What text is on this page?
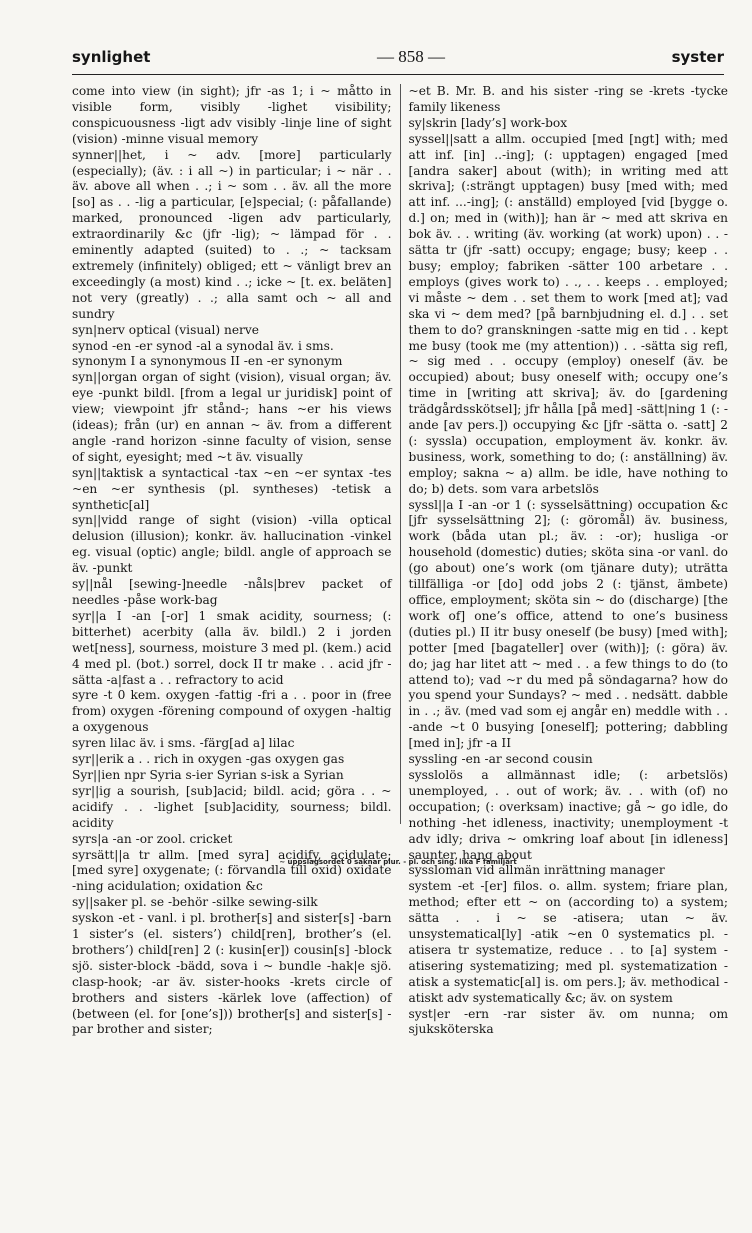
synlighet	— 858 —	syster

come into view (in sight); jfr -as 1; i ~ måtto in visible form, visibly -lighet visibility; conspicuousness -ligt adv visibly -linje line of sight (vision) -minne visual memory

synner||het, i ~ adv. [more] particularly (especially); (äv. : i all ~) in particular; i ~ när . . äv. above all when . .; i ~ som . . äv. all the more [so] as . . -lig a particular, [e]special; (: påfallande) marked, pronounced -ligen adv particularly, extraordinarily &c (jfr -lig); ~ lämpad för . . eminently adapted (suited) to . .; ~ tacksam extremely (infinitely) obliged; ett ~ vänligt brev an exceedingly (a most) kind . .; icke ~ [t. ex. beläten] not very (greatly) . .; alla samt och ~ all and sundry

syn|nerv optical (visual) nerve

synod -en -er synod -al a synodal äv. i sms.

synonym I a synonymous II -en -er synonym

syn||organ organ of sight (vision), visual organ; äv. eye -punkt bildl. [from a legal ur juridisk] point of view; viewpoint jfr stånd-; hans ~er his views (ideas); från (ur) en annan ~ äv. from a different angle -rand horizon -sinne faculty of vision, sense of sight, eyesight; med ~t äv. visually

syn||taktisk a syntactical -tax ~en ~er syntax -tes ~en ~er synthesis (pl. syntheses) -tetisk a synthetic[al]

syn||vidd range of sight (vision) -villa optical delusion (illusion); konkr. äv. hallucination -vinkel eg. visual (optic) angle; bildl. angle of approach se äv. -punkt

sy||nål [sewing-]needle -nåls|brev packet of needles -påse work-bag

syr||a I -an [-or] 1 smak acidity, sourness; (: bitterhet) acerbity (alla äv. bildl.) 2 i jorden wet[ness], sourness, moisture 3 med pl. (kem.) acid 4 med pl. (bot.) sorrel, dock II tr make . . acid jfr -sätta -a|fast a . . refractory to acid

syre -t 0 kem. oxygen -fattig -fri a . . poor in (free from) oxygen -förening compound of oxygen -haltig a oxygenous

syren lilac äv. i sms. -färg[ad a] lilac

syr||erik a . . rich in oxygen -gas oxygen gas

Syr||ien npr Syria s-ier Syrian s-isk a Syrian

syr||ig a sourish, [sub]acid; bildl. acid; göra . . ~ acidify . . -lighet [sub]acidity, sourness; bildl. acidity

syrs|a -an -or zool. cricket

syrsätt||a tr allm. [med syra] acidify, acidulate; [med syre] oxygenate; (: förvandla till oxid) oxidate -ning acidulation; oxidation &c

sy||saker pl. se -behör -silke sewing-silk

syskon -et - vanl. i pl. brother[s] and sister[s] -barn 1 sister’s (el. sisters’) child[ren], brother’s (el. brothers’) child[ren] 2 (: kusin[er]) cousin[s] -block sjö. sister-block -bädd, sova i ~ bundle -hak|e sjö. clasp-hook; -ar äv. sister-hooks -krets circle of brothers and sisters -kärlek love (affection) of (between (el. for [one’s])) brother[s] and sister[s] -par brother and sister;

~et B. Mr. B. and his sister -ring se -krets -tycke family likeness

sy|skrin [lady’s] work-box

syssel||satt a allm. occupied [med [ngt] with; med att inf. [in] ..-ing]; (: upptagen) engaged [med [andra saker] about (with); in writing med att skriva]; (:strängt upptagen) busy [med with; med att inf. ...-ing]; (: anställd) employed [vid [bygge o. d.] on; med in (with)]; han är ~ med att skriva en bok äv. . . writing (äv. working (at work) upon) . . -sätta tr (jfr -satt) occupy; engage; busy; keep . . busy; employ; fabriken -sätter 100 arbetare . . employs (gives work to) . ., . . keeps . . employed; vi måste ~ dem . . set them to work [med at]; vad ska vi ~ dem med? [på barnbjudning el. d.] . . set them to do? granskningen -satte mig en tid . . kept me busy (took me (my attention)) . . -sätta sig refl, ~ sig med . . occupy (employ) oneself (äv. be occupied) about; busy oneself with; occupy one’s time in [writing att skriva]; äv. do [gardening trädgårdsskötsel]; jfr hålla [på med] -sätt|ning 1 (: -ande [av pers.]) occupying &c [jfr -sätta o. -satt] 2 (: syssla) occupation, employment äv. konkr. äv. business, work, something to do; (: anställning) äv. employ; sakna ~ a) allm. be idle, have nothing to do; b) dets. som vara arbetslös

syssl||a I -an -or 1 (: sysselsättning) occupation &c [jfr sysselsättning 2]; (: göromål) äv. business, work (båda utan pl.; äv. : -or); husliga -or household (domestic) duties; sköta sina -or vanl. do (go about) one’s work (om tjänare duty); uträtta tillfälliga -or [do] odd jobs 2 (: tjänst, ämbete) office, employment; sköta sin ~ do (discharge) [the work of] one’s office, attend to one’s business (duties pl.) II itr busy oneself (be busy) [med with]; potter [med [bagateller] over (with)]; (: göra) äv. do; jag har litet att ~ med . . a few things to do (to attend to); vad ~r du med på söndagarna? how do you spend your Sundays? ~ med . . nedsätt. dabble in . .; äv. (med vad som ej angår en) meddle with . . -ande ~t 0 busying [oneself]; pottering; dabbling [med in]; jfr -a II

syssling -en -ar second cousin

sysslolös a allmännast idle; (: arbetslös) unemployed, . . out of work; äv. . . with (of) no occupation; (: overksam) inactive; gå ~ go idle, do nothing -het idleness, inactivity; unemployment -t adv idly; driva ~ omkring loaf about [in idleness] saunter, hang about

syssloman vid allmän inrättning manager

system -et -[er] filos. o. allm. system; friare plan, method; efter ett ~ on (according to) a system; sätta . . i ~ se -atisera; utan ~ äv. unsystematical[ly] -atik ~en 0 systematics pl. -atisera tr systematize, reduce . . to [a] system -atisering systematizing; med pl. systematization -atisk a systematic[al] is. om pers.]; äv. methodical -atiskt adv systematically &c; äv. on system

syst|er -ern -rar sister äv. om nunna; om sjuksköterska

~ uppslagsordet 0 saknar plur. - pl. och sing. lika F familjärt
